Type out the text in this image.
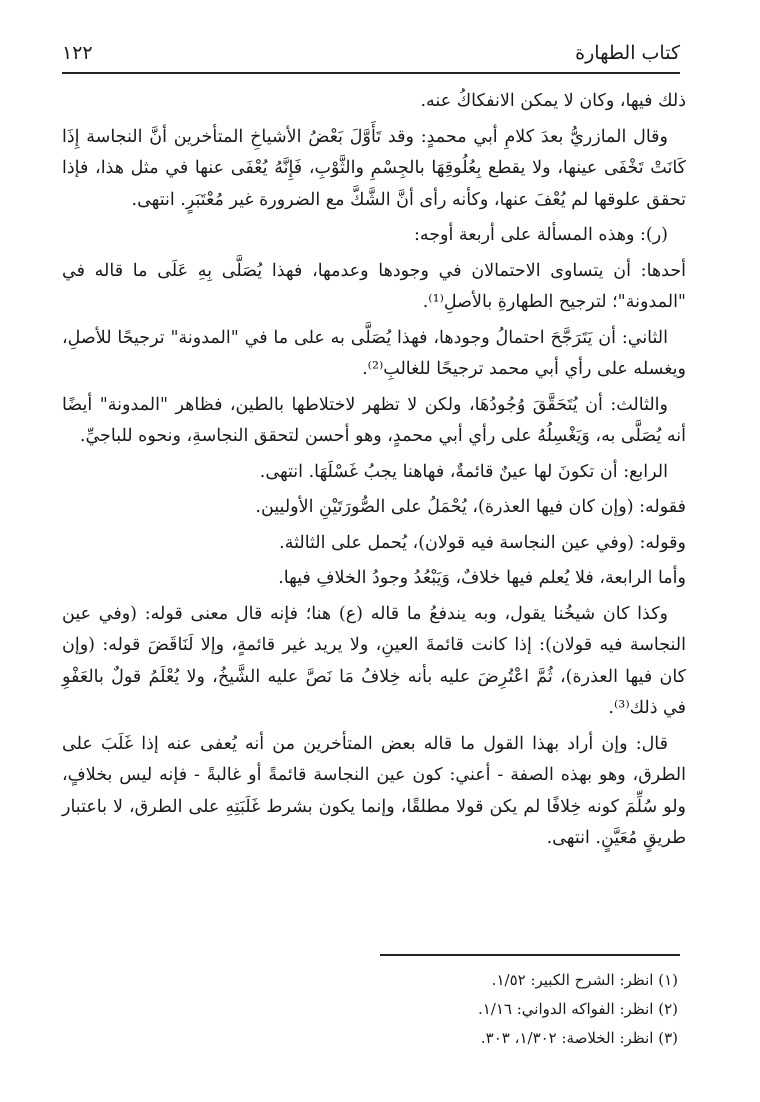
كتاب الطهارة
١٢٢

ذلك فيها، وكان لا يمكن الانفكاكُ عنه.

وقال المازريُّ بعدَ كلامِ أبي محمدٍ: وقد تَأَوَّلَ بَعْضُ الأشياخِ المتأخرين أنَّ النجاسة إِذَا كَانَتْ تَخْفَى عينها، ولا يقطع بِعُلُوقِهَا بالجِسْمِ والثَّوْبِ، فَإِنَّهُ يُعْفَى عنها في مثل هذا، فإذا تحقق علوقها لم يُعْفَ عنها، وكأنه رأى أنَّ الشَّكَّ مع الضرورة غير مُعْتَبَرٍ. انتهى.

(ر): وهذه المسألة على أربعة أوجه:

أحدها: أن يتساوى الاحتمالان في وجودها وعدمها، فهذا يُصَلَّى بِهِ عَلَى ما قاله في "المدونة"؛ لترجيح الطهارةِ بالأصلِ⁽¹⁾.

الثاني: أن يَتَرَجَّحَ احتمالُ وجودها، فهذا يُصَلَّى به على ما في "المدونة" ترجيحًا للأصلِ، ويغسله على رأي أبي محمد ترجيحًا للغالبِ⁽²⁾.

والثالث: أن يُتَحَقَّقَ وُجُودُهَا، ولكن لا تظهر لاختلاطها بالطين، فظاهر "المدونة" أيضًا أنه يُصَلَّى به، وَيَغْسِلُهُ على رأي أبي محمدٍ، وهو أحسن لتحقق النجاسةِ، ونحوه للباجيِّ.

الرابع: أن تكونَ لها عينٌ قائمةٌ، فهاهنا يجبُ غَسْلَهَا. انتهى.

فقوله: (وإن كان فيها العذرة)، يُحْمَلُ على الصُّورَتَيْنِ الأوليين.

وقوله: (وفي عين النجاسة فيه قولان)، يُحمل على الثالثة.

وأما الرابعة، فلا يُعلم فيها خلافٌ، وَيَبْعُدُ وجودُ الخلافِ فيها.

وكذا كان شيخُنا يقول، وبه يندفعُ ما قاله (ع) هنا؛ فإنه قال معنى قوله: (وفي عين النجاسة فيه قولان): إذا كانت قائمةَ العينِ، ولا يريد غير قائمةٍ، وإلا لَنَاقَضَ قوله: (وإن كان فيها العذرة)، ثُمَّ اعْتُرِضَ عليه بأنه خِلافُ مَا نَصَّ عليه الشَّيخُ، ولا يُعْلَمُ قولٌ بالعَفْوِ في ذلك⁽³⁾.

قال: وإن أراد بهذا القول ما قاله بعض المتأخرين من أنه يُعفى عنه إذا غَلَبَ على الطرق، وهو بهذه الصفة - أعني: كون عين النجاسة قائمةً أو غالبةً - فإنه ليس بخلافٍ، ولو سُلِّمَ كونه خِلافًا لم يكن قولا مطلقًا، وإنما يكون بشرط غَلَبَتِهِ على الطرق، لا باعتبار طريقٍ مُعَيَّنٍ. انتهى.

(١) انظر: الشرح الكبير: ١/٥٢.
(٢) انظر: الفواكه الدواني: ١/١٦.
(٣) انظر: الخلاصة: ١/٣٠٢، ٣٠٣.
